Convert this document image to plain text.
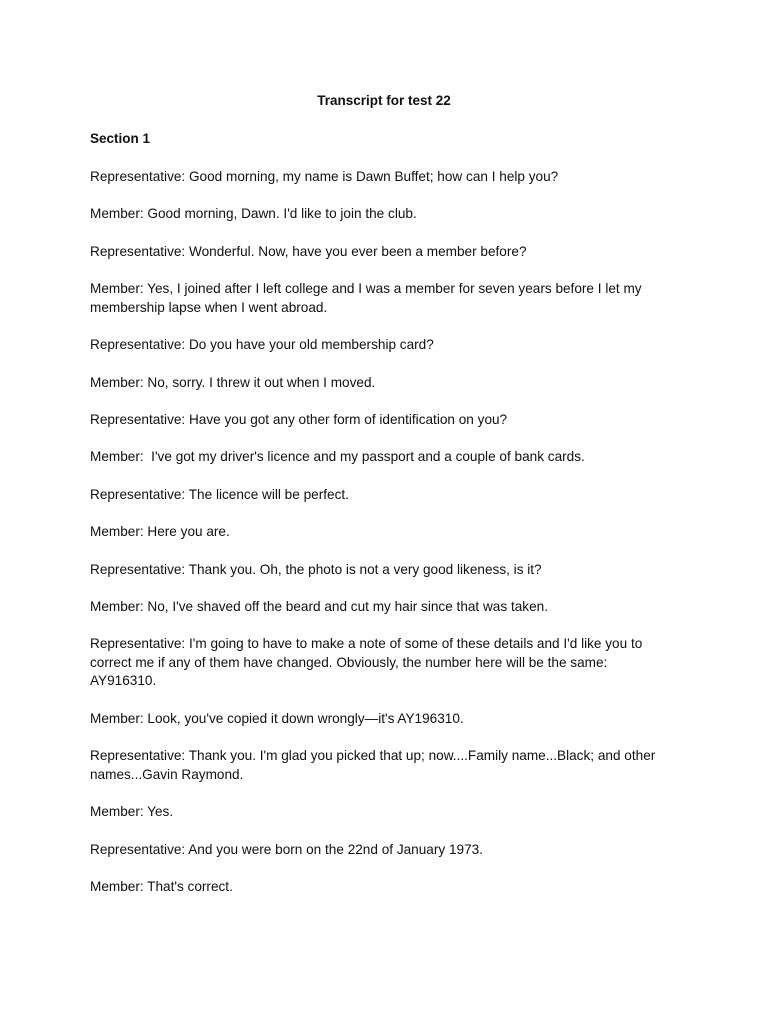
Transcript for test 22
Section 1

Representative: Good morning, my name is Dawn Buffet; how can I help you?

Member: Good morning, Dawn. I'd like to join the club.

Representative: Wonderful. Now, have you ever been a member before?

Member: Yes, I joined after I left college and I was a member for seven years before I let my membership lapse when I went abroad.

Representative: Do you have your old membership card?

Member: No, sorry. I threw it out when I moved.

Representative: Have you got any other form of identification on you?

Member:  I've got my driver's licence and my passport and a couple of bank cards.

Representative: The licence will be perfect.

Member: Here you are.

Representative: Thank you. Oh, the photo is not a very good likeness, is it?

Member: No, I've shaved off the beard and cut my hair since that was taken.

Representative: I'm going to have to make a note of some of these details and I'd like you to correct me if any of them have changed. Obviously, the number here will be the same: AY916310.

Member: Look, you've copied it down wrongly—it's AY196310.

Representative: Thank you. I'm glad you picked that up; now....Family name...Black; and other names...Gavin Raymond.

Member: Yes.

Representative: And you were born on the 22nd of January 1973.

Member: That's correct.
